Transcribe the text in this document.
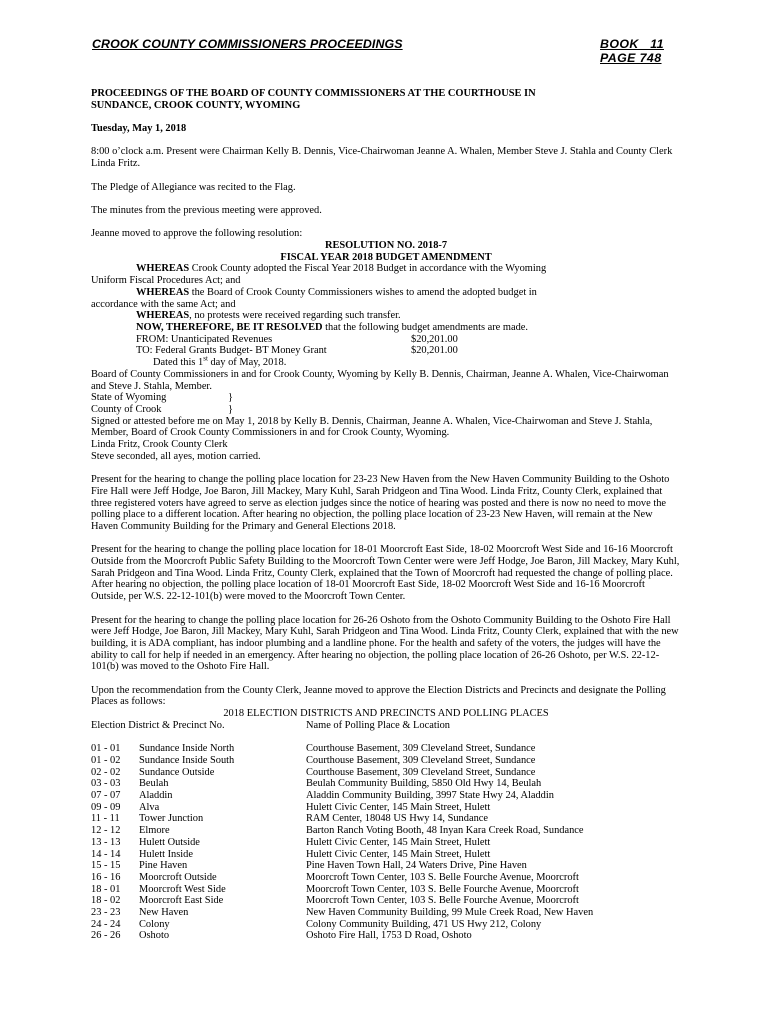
CROOK COUNTY COMMISSIONERS PROCEEDINGS	BOOK   11
PAGE 748

PROCEEDINGS OF THE BOARD OF COUNTY COMMISSIONERS AT THE COURTHOUSE IN

SUNDANCE, CROOK COUNTY, WYOMING

Tuesday, May 1, 2018

8:00 o’clock a.m. Present were Chairman Kelly B. Dennis, Vice-Chairwoman Jeanne A. Whalen, Member Steve J. Stahla and County Clerk Linda Fritz.

The Pledge of Allegiance was recited to the Flag.

The minutes from the previous meeting were approved.

Jeanne moved to approve the following resolution:

RESOLUTION NO. 2018-7

FISCAL YEAR 2018 BUDGET AMENDMENT

WHEREAS Crook County adopted the Fiscal Year 2018 Budget in accordance with the Wyoming

Uniform Fiscal Procedures Act; and

WHEREAS the Board of Crook County Commissioners wishes to amend the adopted budget in

accordance with the same Act; and

WHEREAS, no protests were received regarding such transfer.

NOW, THEREFORE, BE IT RESOLVED that the following budget amendments are made.

FROM: Unanticipated Revenues	$20,201.00
TO: Federal Grants Budget- BT Money Grant	$20,201.00

Dated this 1st day of May, 2018.

Board of County Commissioners in and for Crook County, Wyoming by Kelly B. Dennis, Chairman, Jeanne A. Whalen, Vice-Chairwoman and Steve J. Stahla, Member.

State of Wyoming	}
County of Crook	}

Signed or attested before me on May 1, 2018 by Kelly B. Dennis, Chairman, Jeanne A. Whalen, Vice-Chairwoman and Steve J. Stahla, Member, Board of Crook County Commissioners in and for Crook County, Wyoming.

Linda Fritz, Crook County Clerk

Steve seconded, all ayes, motion carried.

Present for the hearing to change the polling place location for 23-23 New Haven from the New Haven Community Building to the Oshoto Fire Hall were Jeff Hodge, Joe Baron, Jill Mackey, Mary Kuhl, Sarah Pridgeon and Tina Wood. Linda Fritz, County Clerk, explained that three registered voters have agreed to serve as election judges since the notice of hearing was posted and there is now no need to move the polling place to a different location. After hearing no objection, the polling place location of 23-23 New Haven, will remain at the New Haven Community Building for the Primary and General Elections 2018.

Present for the hearing to change the polling place location for 18-01 Moorcroft East Side, 18-02 Moorcroft West Side and 16-16 Moorcroft Outside from the Moorcroft Public Safety Building to the Moorcroft Town Center were were Jeff Hodge, Joe Baron, Jill Mackey, Mary Kuhl, Sarah Pridgeon and Tina Wood. Linda Fritz, County Clerk, explained that the Town of Moorcroft had requested the change of polling place. After hearing no objection, the polling place location of 18-01 Moorcroft East Side, 18-02 Moorcroft West Side and 16-16 Moorcroft Outside, per W.S. 22-12-101(b) were moved to the Moorcroft Town Center.

Present for the hearing to change the polling place location for 26-26 Oshoto from the Oshoto Community Building to the Oshoto Fire Hall were Jeff Hodge, Joe Baron, Jill Mackey, Mary Kuhl, Sarah Pridgeon and Tina Wood. Linda Fritz, County Clerk, explained that with the new building, it is ADA compliant, has indoor plumbing and a landline phone. For the health and safety of the voters, the judges will have the ability to call for help if needed in an emergency. After hearing no objection, the polling place location of 26-26 Oshoto, per W.S. 22-12-101(b) was moved to the Oshoto Fire Hall.

Upon the recommendation from the County Clerk, Jeanne moved to approve the Election Districts and Precincts and designate the Polling Places as follows:

2018 ELECTION DISTRICTS AND PRECINCTS AND POLLING PLACES

Election District & Precinct No.	Name of Polling Place & Location
01 - 01	Sundance Inside North	Courthouse Basement, 309 Cleveland Street, Sundance
01 - 02	Sundance Inside South	Courthouse Basement, 309 Cleveland Street, Sundance
02 - 02	Sundance Outside	Courthouse Basement, 309 Cleveland Street, Sundance
03 - 03	Beulah	Beulah Community Building, 5850 Old Hwy 14, Beulah
07 - 07	Aladdin	Aladdin Community Building, 3997 State Hwy 24, Aladdin
09 - 09	Alva	Hulett Civic Center, 145 Main Street, Hulett
11 - 11	Tower Junction	RAM Center, 18048 US Hwy 14, Sundance
12 - 12	Elmore	Barton Ranch Voting Booth, 48 Inyan Kara Creek Road, Sundance
13 - 13	Hulett Outside	Hulett Civic Center, 145 Main Street, Hulett
14 - 14	Hulett Inside	Hulett Civic Center, 145 Main Street, Hulett
15 - 15	Pine Haven	Pine Haven Town Hall, 24 Waters Drive, Pine Haven
16 - 16	Moorcroft Outside	Moorcroft Town Center, 103 S. Belle Fourche Avenue, Moorcroft
18 - 01	Moorcroft West Side	Moorcroft Town Center, 103 S. Belle Fourche Avenue, Moorcroft
18 - 02	Moorcroft East Side	Moorcroft Town Center, 103 S. Belle Fourche Avenue, Moorcroft
23 - 23	New Haven	New Haven Community Building, 99 Mule Creek Road, New Haven
24 - 24	Colony	Colony Community Building, 471 US Hwy 212, Colony
26 - 26	Oshoto	Oshoto Fire Hall, 1753 D Road, Oshoto
